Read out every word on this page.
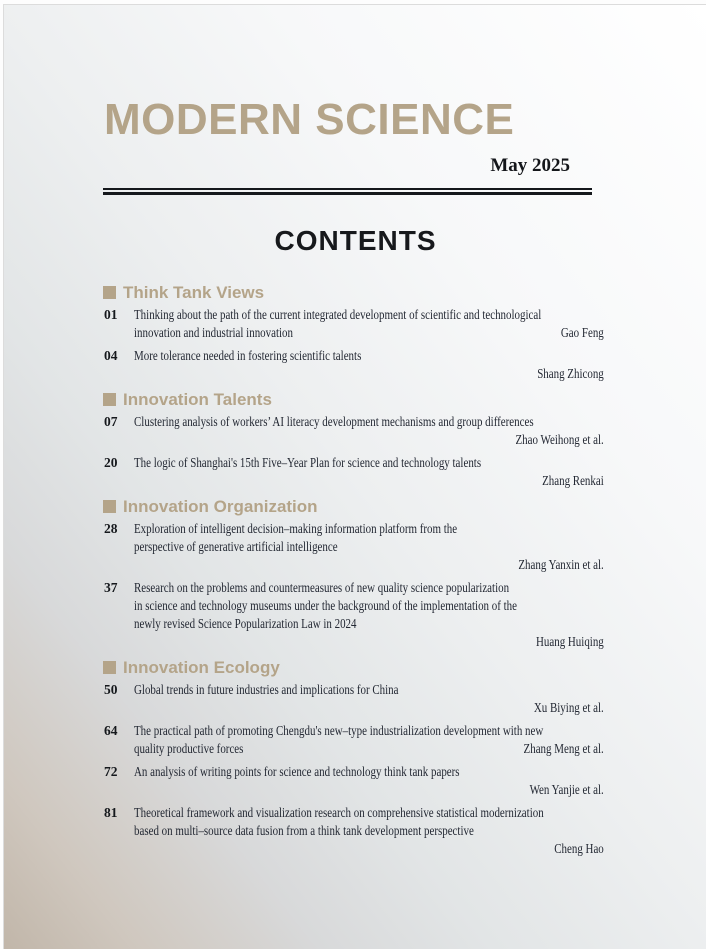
MODERN SCIENCE
May 2025
CONTENTS
Think Tank Views
01	Thinking about the path of the current integrated development of scientific and technological
innovation and industrial innovation	Gao Feng
04	More tolerance needed in fostering scientific talents
Shang Zhicong
Innovation Talents
07	Clustering analysis of workers’ AI literacy development mechanisms and group differences
Zhao Weihong et al.
20	The logic of Shanghai's 15th Five–Year Plan for science and technology talents
Zhang Renkai
Innovation Organization
28	Exploration of intelligent decision–making information platform from the
perspective of generative artificial intelligence
Zhang Yanxin et al.
37	Research on the problems and countermeasures of new quality science popularization
in science and technology museums under the background of the implementation of the
newly revised Science Popularization Law in 2024
Huang Huiqing
Innovation Ecology
50	Global trends in future industries and implications for China
Xu Biying et al.
64	The practical path of promoting Chengdu's new–type industrialization development with new
quality productive forces	Zhang Meng et al.
72	An analysis of writing points for science and technology think tank papers
Wen Yanjie et al.
81	Theoretical framework and visualization research on comprehensive statistical modernization
based on multi–source data fusion from a think tank development perspective
Cheng Hao
